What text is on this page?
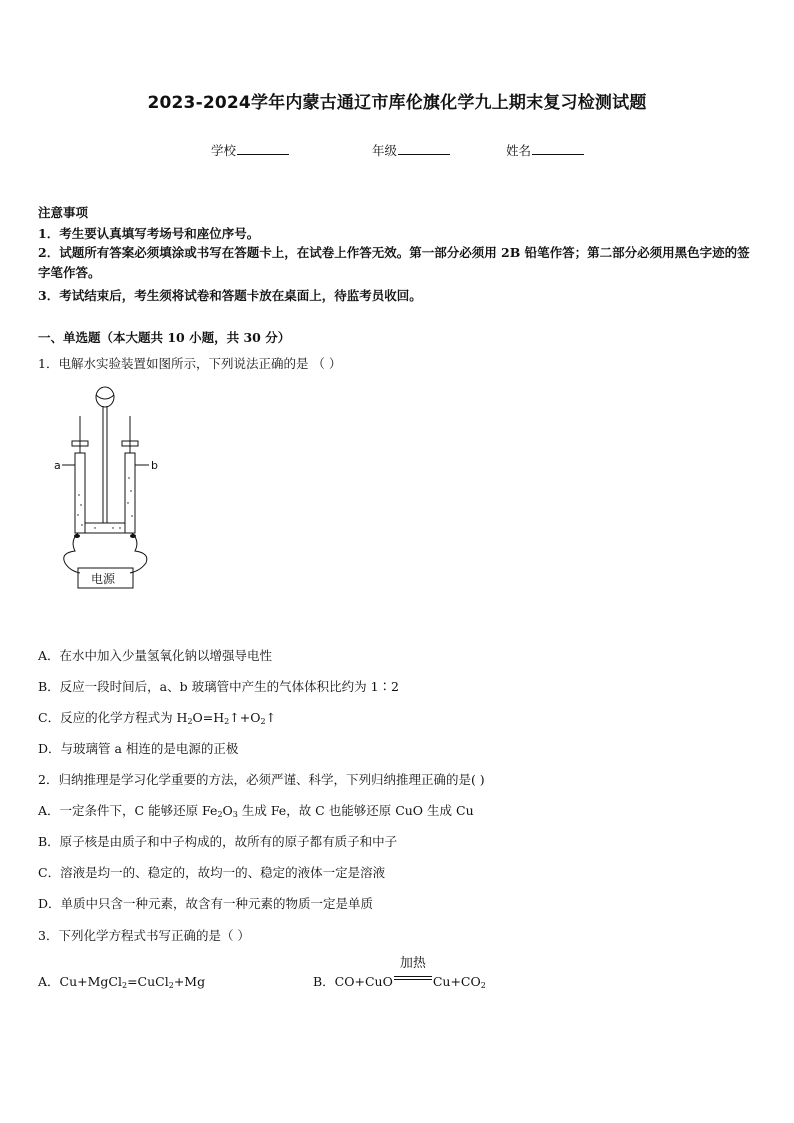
2023-2024学年内蒙古通辽市库伦旗化学九上期末复习检测试题
学校	年级	姓名
注意事项
1．考生要认真填写考场号和座位序号。
2．试题所有答案必须填涂或书写在答题卡上，在试卷上作答无效。第一部分必须用 2B 铅笔作答；第二部分必须用黑色字迹的签字笔作答。
3．考试结束后，考生须将试卷和答题卡放在桌面上，待监考员收回。
一、单选题（本大题共 10 小题，共 30 分）
1．电解水实验装置如图所示，下列说法正确的是 （ ）
a	b
电源
A．在水中加入少量氢氧化钠以增强导电性
B．反应一段时间后，a、b 玻璃管中产生的气体体积比约为 1∶2
C．反应的化学方程式为 $H_2O=H_2↑+O_2↑$
D．与玻璃管 a 相连的是电源的正极
2．归纳推理是学习化学重要的方法，必须严谨、科学，下列归纳推理正确的是( )
A．一定条件下，C 能够还原 $Fe_2O_3$ 生成 Fe，故 C 也能够还原 CuO 生成 Cu
B．原子核是由质子和中子构成的，故所有的原子都有质子和中子
C．溶液是均一的、稳定的，故均一的、稳定的液体一定是溶液
D．单质中只含一种元素，故含有一种元素的物质一定是单质
3．下列化学方程式书写正确的是（ ）
A．Cu+MgCl$_2$=CuCl$_2$+Mg	B．CO+CuO
加热
$Cu+CO_2$
